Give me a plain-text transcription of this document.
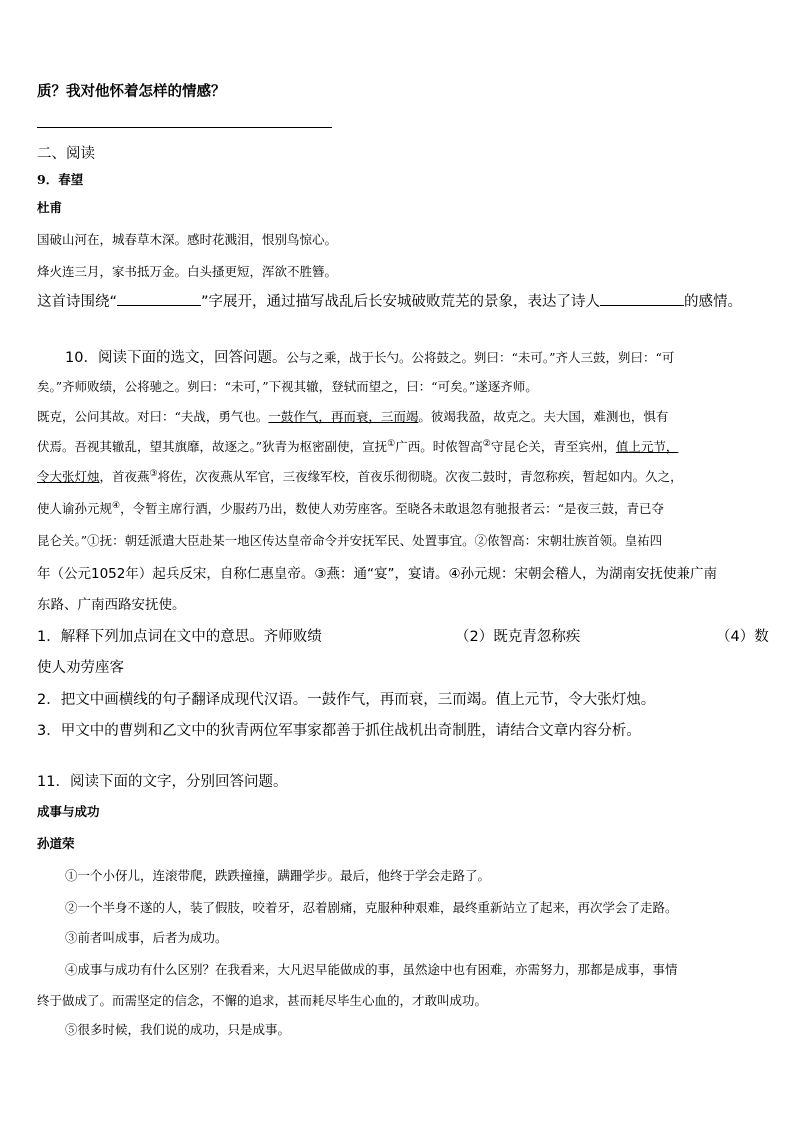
质？我对他怀着怎样的情感？
二、阅读
9．春望
杜甫
国破山河在，城春草木深。感时花溅泪，恨别鸟惊心。
烽火连三月，家书抵万金。白头搔更短，浑欲不胜簪。
这首诗围绕“	”字展开，通过描写战乱后长安城破败荒芜的景象，表达了诗人	的感情。
10．阅读下面的选文，回答问题。公与之乘，战于长勺。公将鼓之。刿曰：“未可。”齐人三鼓，刿曰：“可
矣。”齐师败绩，公将驰之。刿曰：“未可，”下视其辙，登轼而望之，曰：“可矣。”遂逐齐师。
既克，公问其故。对曰：“夫战，勇气也。一鼓作气，再而衰，三而竭。彼竭我盈，故克之。夫大国，难测也，惧有
伏焉。吾视其辙乱，望其旗靡，故逐之。”狄青为枢密副使，宣抚①广西。时侬智高②守昆仑关，青至宾州，值上元节，
令大张灯烛，首夜燕③将佐，次夜燕从军官，三夜缘军校，首夜乐彻彻晓。次夜二鼓时，青忽称疾，暂起如内。久之，
使人谕孙元规④，令暂主席行酒，少服药乃出，数使人劝劳座客。至晓各未敢退忽有驰报者云：“是夜三鼓，青已夺
昆仑关。”①抚：朝廷派遣大臣赴某一地区传达皇帝命令并安抚军民、处置事宜。②侬智高：宋朝壮族首领。皇祐四
年（公元1052年）起兵反宋，自称仁惠皇帝。③燕：通“宴”，宴请。④孙元规：宋朝会稽人，为湖南安抚使兼广南
东路、广南西路安抚使。
1．解释下列加点词在文中的意思。齐师败绩	（2）既克青忽称疾	（4）数
使人劝劳座客
2．把文中画横线的句子翻译成现代汉语。一鼓作气，再而衰，三而竭。值上元节，令大张灯烛。
3．甲文中的曹刿和乙文中的狄青两位军事家都善于抓住战机出奇制胜，请结合文章内容分析。
11．阅读下面的文字，分别回答问题。
成事与成功
孙道荣
①一个小伢儿，连滚带爬，跌跌撞撞，蹒跚学步。最后，他终于学会走路了。
②一个半身不遂的人，装了假肢，咬着牙，忍着剧痛，克服种种艰难，最终重新站立了起来，再次学会了走路。
③前者叫成事，后者为成功。
④成事与成功有什么区别？在我看来，大凡迟早能做成的事，虽然途中也有困难，亦需努力，那都是成事，事情
终于做成了。而需坚定的信念，不懈的追求，甚而耗尽毕生心血的，才敢叫成功。
⑤很多时候，我们说的成功，只是成事。
